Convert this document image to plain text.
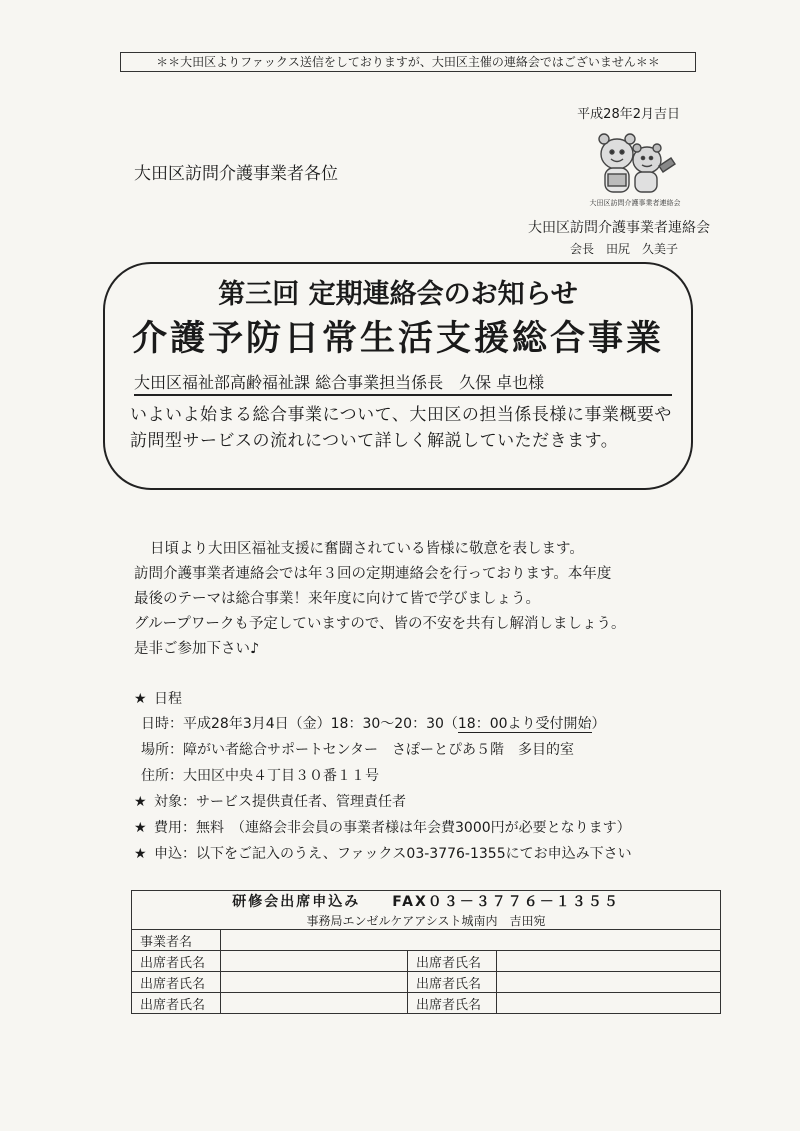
＊＊大田区よりファックス送信をしておりますが、大田区主催の連絡会ではございません＊＊
平成28年2月吉日
大田区訪問介護事業者各位
大田区訪問介護事業者連絡会
大田区訪問介護事業者連絡会
会長　田尻　久美子
第三回 定期連絡会のお知らせ
介護予防日常生活支援総合事業
大田区福祉部高齢福祉課 総合事業担当係長　久保 卓也様
いよいよ始まる総合事業について、大田区の担当係長様に事業概要や訪問型サービスの流れについて詳しく解説していただきます。

日頃より大田区福祉支援に奮闘されている皆様に敬意を表します。

訪問介護事業者連絡会では年３回の定期連絡会を行っております。本年度

最後のテーマは総合事業！来年度に向けて皆で学びましょう。

グループワークも予定していますので、皆の不安を共有し解消しましょう。

是非ご参加下さい♪

★ 日程
日時：平成28年3月4日（金）18：30～20：30（18：00より受付開始）
場所：障がい者総合サポートセンター　さぽーとぴあ５階　多目的室
住所：大田区中央４丁目３０番１１号
★ 対象：サービス提供責任者、管理責任者
★ 費用：無料　（連絡会非会員の事業者様は年会費3000円が必要となります）
★ 申込：以下をご記入のうえ、ファックス03-3776-1355にてお申込み下さい
研修会出席申込み　　FAX０３－３７７６－１３５５			
事務局エンゼルケアアシスト城南内　吉田宛			
事業者名			
出席者氏名		出席者氏名	
出席者氏名		出席者氏名	
出席者氏名		出席者氏名	
